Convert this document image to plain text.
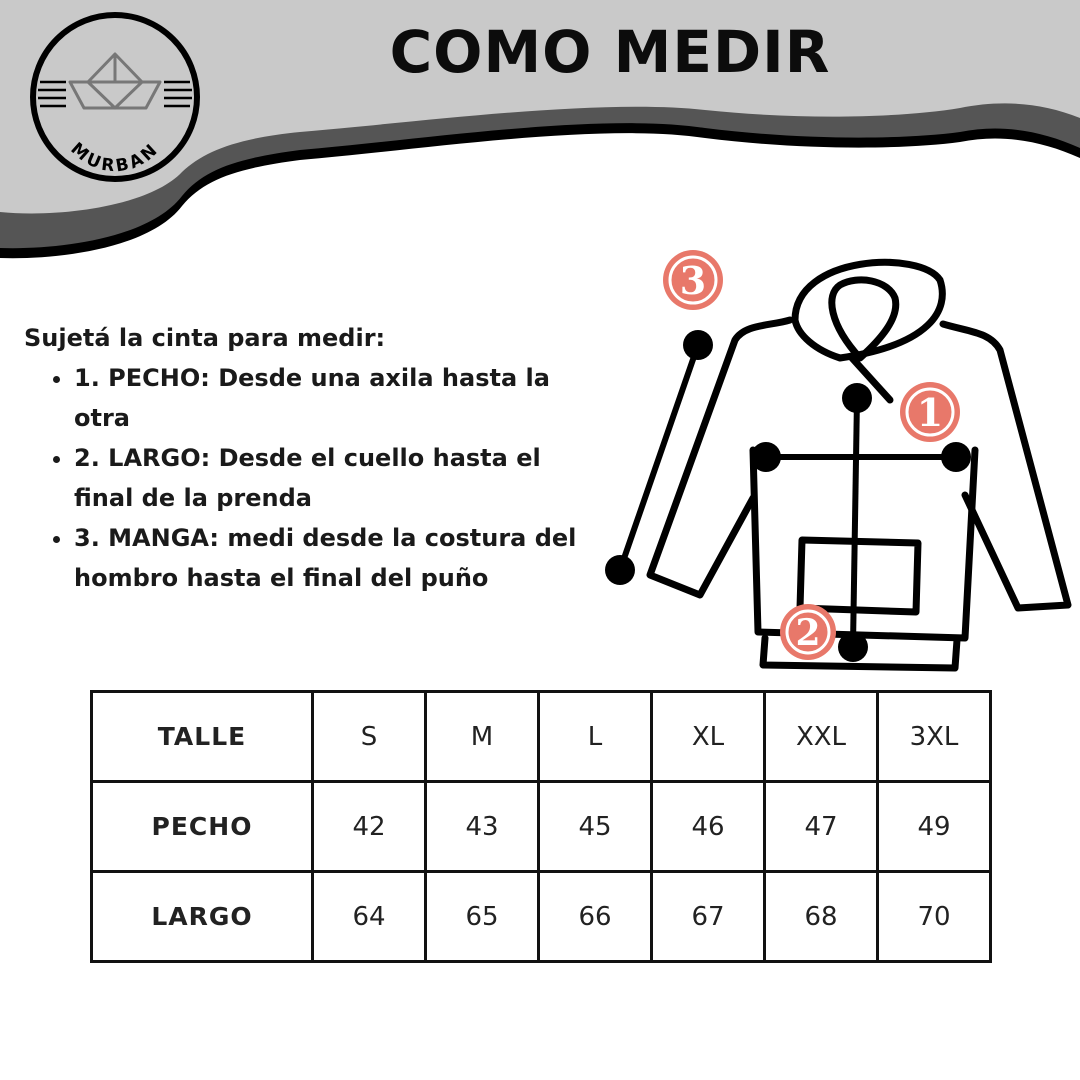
MURBAN
COMO MEDIR

Sujetá la cinta para medir:

• 1. PECHO: Desde una axila hasta la otra
• 2. LARGO: Desde el cuello hasta el final de la prenda
• 3. MANGA: medi desde la costura del hombro hasta el final del puño
3
1
2
TALLE	S	M	L	XL	XXL	3XL
PECHO	42	43	45	46	47	49
LARGO	64	65	66	67	68	70
